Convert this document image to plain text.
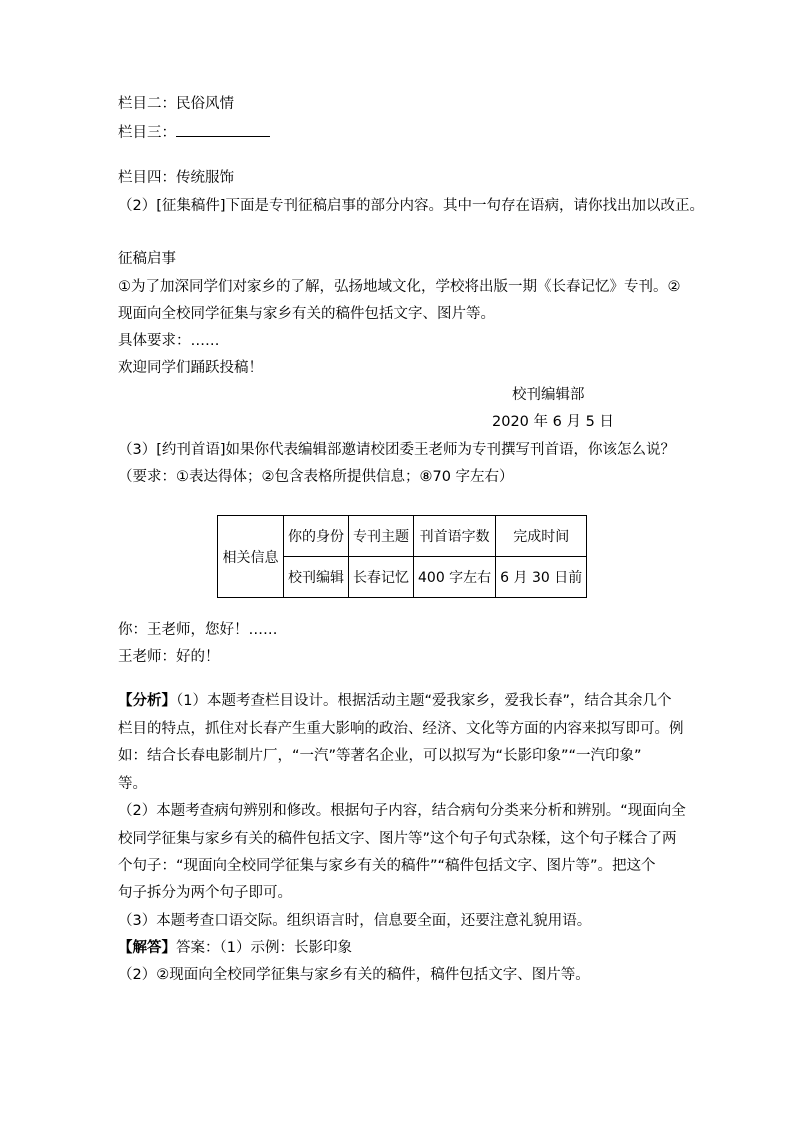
栏目二：民俗风情
栏目三：
栏目四：传统服饰
（2）[征集稿件]下面是专刊征稿启事的部分内容。其中一句存在语病，请你找出加以改正。
征稿启事
①为了加深同学们对家乡的了解，弘扬地域文化，学校将出版一期《长春记忆》专刊。②
现面向全校同学征集与家乡有关的稿件包括文字、图片等。
具体要求：……
欢迎同学们踊跃投稿！
校刊编辑部
2020 年 6 月 5 日
（3）[约刊首语]如果你代表编辑部邀请校团委王老师为专刊撰写刊首语，你该怎么说？
（要求：①表达得体；②包含表格所提供信息；⑧70 字左右）
相关信息	你的身份	专刊主题	刊首语字数	完成时间
	校刊编辑	长春记忆	400 字左右	6 月 30 日前
你：王老师，您好！……
王老师：好的！
【分析】（1）本题考查栏目设计。根据活动主题“爱我家乡，爱我长春”，结合其余几个
栏目的特点，抓住对长春产生重大影响的政治、经济、文化等方面的内容来拟写即可。例
如：结合长春电影制片厂，“一汽”等著名企业，可以拟写为“长影印象”“一汽印象”
等。
（2）本题考查病句辨别和修改。根据句子内容，结合病句分类来分析和辨别。“现面向全
校同学征集与家乡有关的稿件包括文字、图片等”这个句子句式杂糅，这个句子糅合了两
个句子：“现面向全校同学征集与家乡有关的稿件”“稿件包括文字、图片等”。把这个
句子拆分为两个句子即可。
（3）本题考查口语交际。组织语言时，信息要全面，还要注意礼貌用语。
【解答】答案：（1）示例：长影印象
（2）②现面向全校同学征集与家乡有关的稿件，稿件包括文字、图片等。
